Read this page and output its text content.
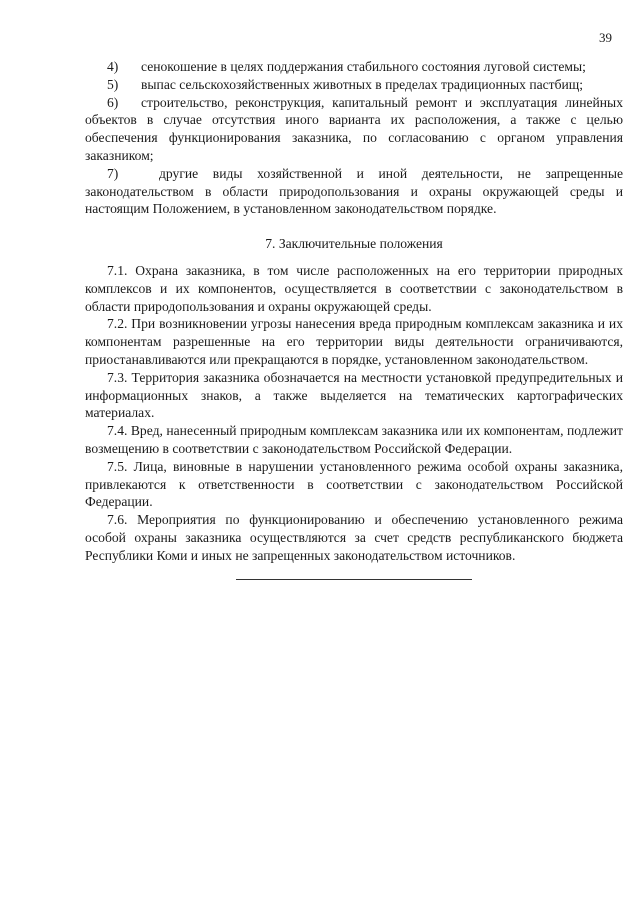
39

4) сенокошение в целях поддержания стабильного состояния луговой системы;

5) выпас сельскохозяйственных животных в пределах традиционных пастбищ;

6) строительство, реконструкция, капитальный ремонт и эксплуатация линейных объектов в случае отсутствия иного варианта их расположения, а также с целью обеспечения функционирования заказника, по согласованию с органом управления заказником;

7)	другие виды хозяйственной и иной деятельности, не запрещенные законодательством в области природопользования и охраны окружающей среды и настоящим Положением, в установленном законодательством порядке.

7. Заключительные положения

7.1. Охрана заказника, в том числе расположенных на его территории природных комплексов и их компонентов, осуществляется в соответствии с законодательством в области природопользования и охраны окружающей среды.

7.2. При возникновении угрозы нанесения вреда природным комплексам заказника и их компонентам разрешенные на его территории виды деятельности ограничиваются, приостанавливаются или прекращаются в порядке, установленном законодательством.

7.3. Территория заказника обозначается на местности установкой предупредительных и информационных знаков, а также выделяется на тематических картографических материалах.

7.4. Вред, нанесенный природным комплексам заказника или их компонентам, подлежит возмещению в соответствии с законодательством Российской Федерации.

7.5. Лица, виновные в нарушении установленного режима особой охраны заказника, привлекаются к ответственности в соответствии с законодательством Российской Федерации.

7.6. Мероприятия по функционированию и обеспечению установленного режима особой охраны заказника осуществляются за счет средств республиканского бюджета Республики Коми и иных не запрещенных законодательством источников.
